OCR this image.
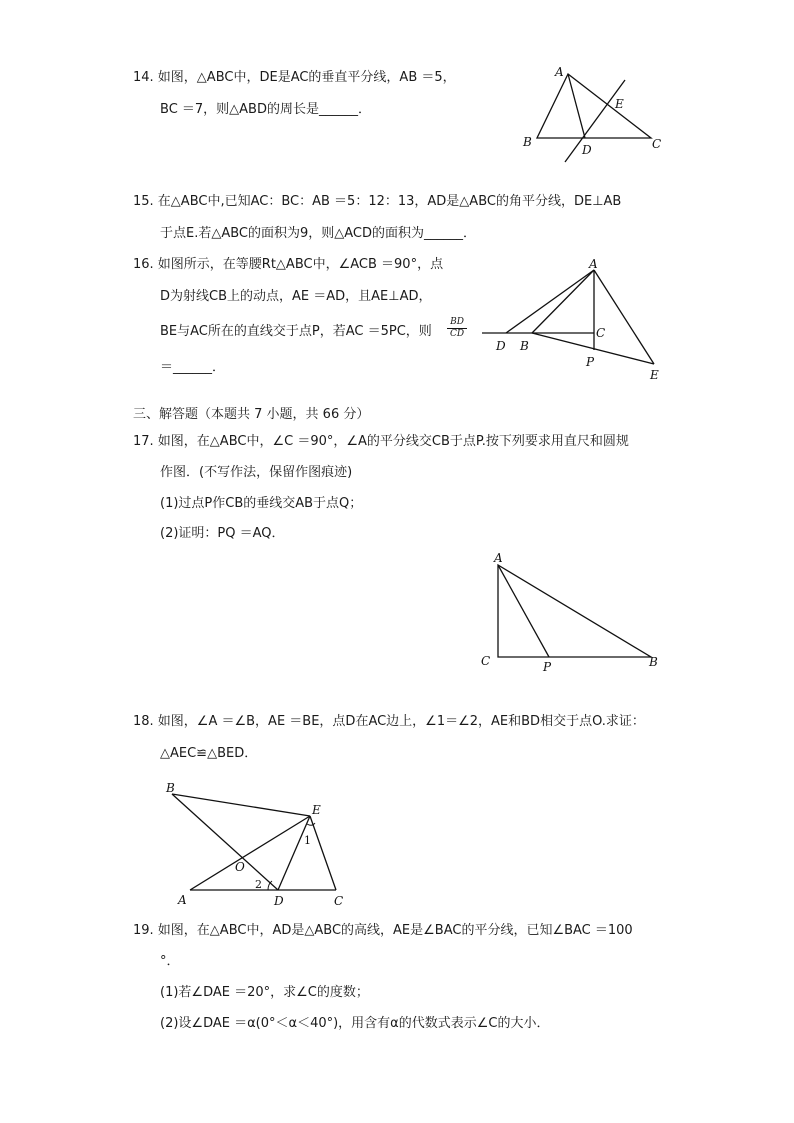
14. 如图，△ABC中，DE是AC的垂直平分线，AB ＝5，
BC ＝7，则△ABD的周长是______．
A
B	C
D
E
15. 在△ABC中,已知AC：BC：AB ＝5：12：13，AD是△ABC的角平分线，DE⊥AB
于点E.若△ABC的面积为9，则△ACD的面积为______．
16. 如图所示，在等腰Rt△ABC中，∠ACB ＝90°，点
D为射线CB上的动点，AE ＝AD，且AE⊥AD，
BE与AC所在的直线交于点P，若AC ＝5PC，则 $\frac{BD}{CD}$
＝______．
A
D B
C
P
E
三、解答题（本题共 7 小题，共 66 分）
17. 如图，在△ABC中，∠C ＝90°，∠A的平分线交CB于点P.按下列要求用直尺和圆规
作图．(不写作法，保留作图痕迹)
(1)过点P作CB的垂线交AB于点Q；
(2)证明：PQ ＝AQ．
A
C	P	B
18. 如图，∠A ＝∠B，AE ＝BE，点D在AC边上，∠1＝∠2，AE和BD相交于点O.求证：
△AEC≌△BED．
B
E
O
A	D	C
1
2
19. 如图，在△ABC中，AD是△ABC的高线，AE是∠BAC的平分线，已知∠BAC ＝100
°．
(1)若∠DAE ＝20°，求∠C的度数；
(2)设∠DAE ＝α(0°＜α＜40°)，用含有α的代数式表示∠C的大小．
